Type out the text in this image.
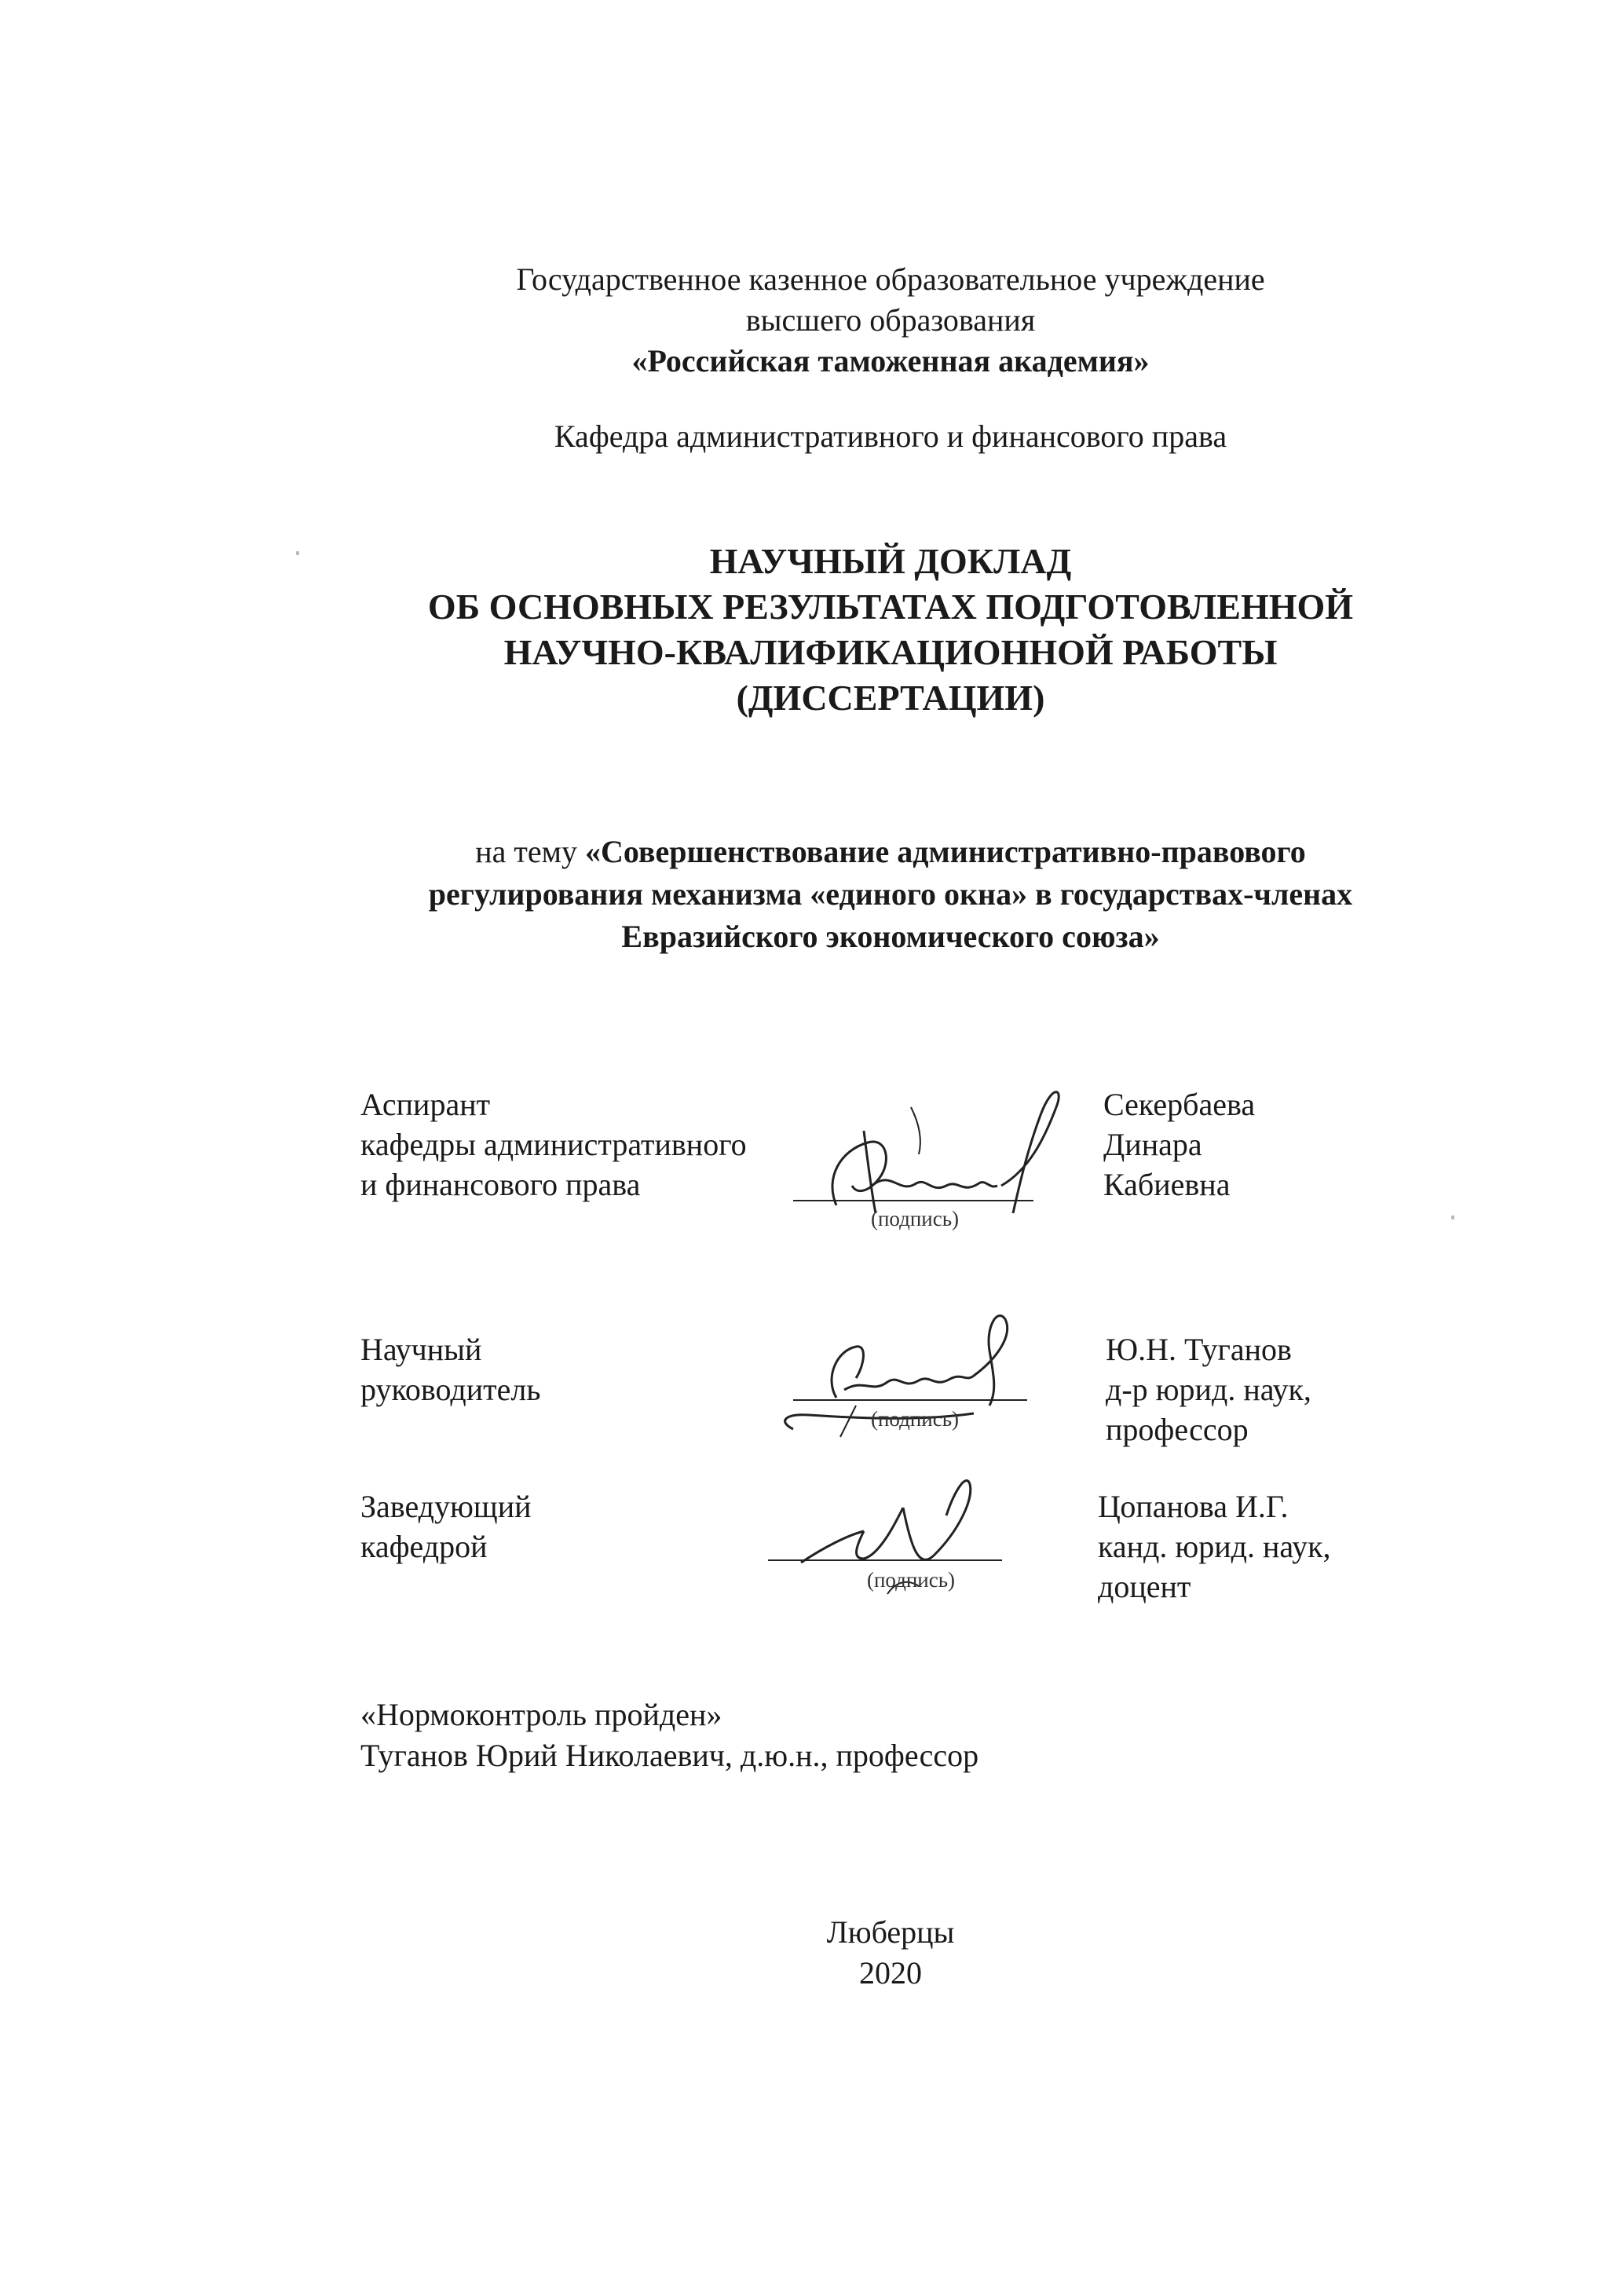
Государственное казенное образовательное учреждение
высшего образования
«Российская таможенная академия»
Кафедра административного и финансового права
НАУЧНЫЙ ДОКЛАД
ОБ ОСНОВНЫХ РЕЗУЛЬТАТАХ ПОДГОТОВЛЕННОЙ
НАУЧНО-КВАЛИФИКАЦИОННОЙ РАБОТЫ
(ДИССЕРТАЦИИ)
на тему «Совершенствование административно-правового
регулирования механизма «единого окна» в государствах-членах
Евразийского экономического союза»
Аспирант
кафедры административного
и финансового права
(подпись)
Секербаева
Динара
Кабиевна
Научный
руководитель
(подпись)
Ю.Н. Туганов
д-р юрид. наук,
профессор
Заведующий
кафедрой
(подпись)
Цопанова И.Г.
канд. юрид. наук,
доцент
«Нормоконтроль пройден»
Туганов Юрий Николаевич, д.ю.н., профессор
Люберцы
2020
